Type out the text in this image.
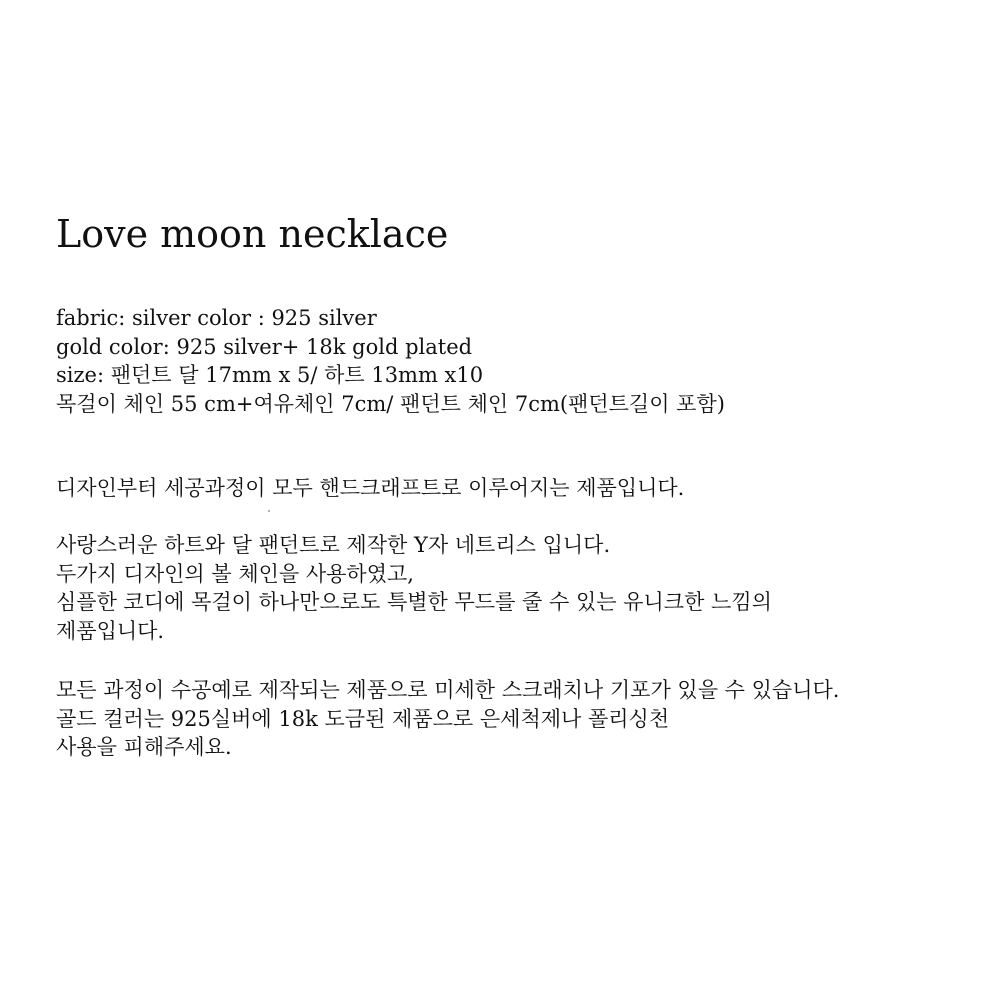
Love moon necklace
fabric: silver color : 925 silver
gold color: 925 silver+ 18k gold plated
size: 팬던트 달 17mm x 5/ 하트 13mm x10
목걸이 체인 55 cm+여유체인 7cm/ 팬던트 체인 7cm(팬던트길이 포함)
디자인부터 세공과정이 모두 핸드크래프트로 이루어지는 제품입니다.
사랑스러운 하트와 달 팬던트로 제작한 Y자 네트리스 입니다.
두가지 디자인의 볼 체인을 사용하였고,
심플한 코디에 목걸이 하나만으로도 특별한 무드를 줄 수 있는 유니크한 느낌의
제품입니다.
모든 과정이 수공예로 제작되는 제품으로 미세한 스크래치나 기포가 있을 수 있습니다.
골드 컬러는 925실버에 18k 도금된 제품으로 은세척제나 폴리싱천
사용을 피해주세요.
